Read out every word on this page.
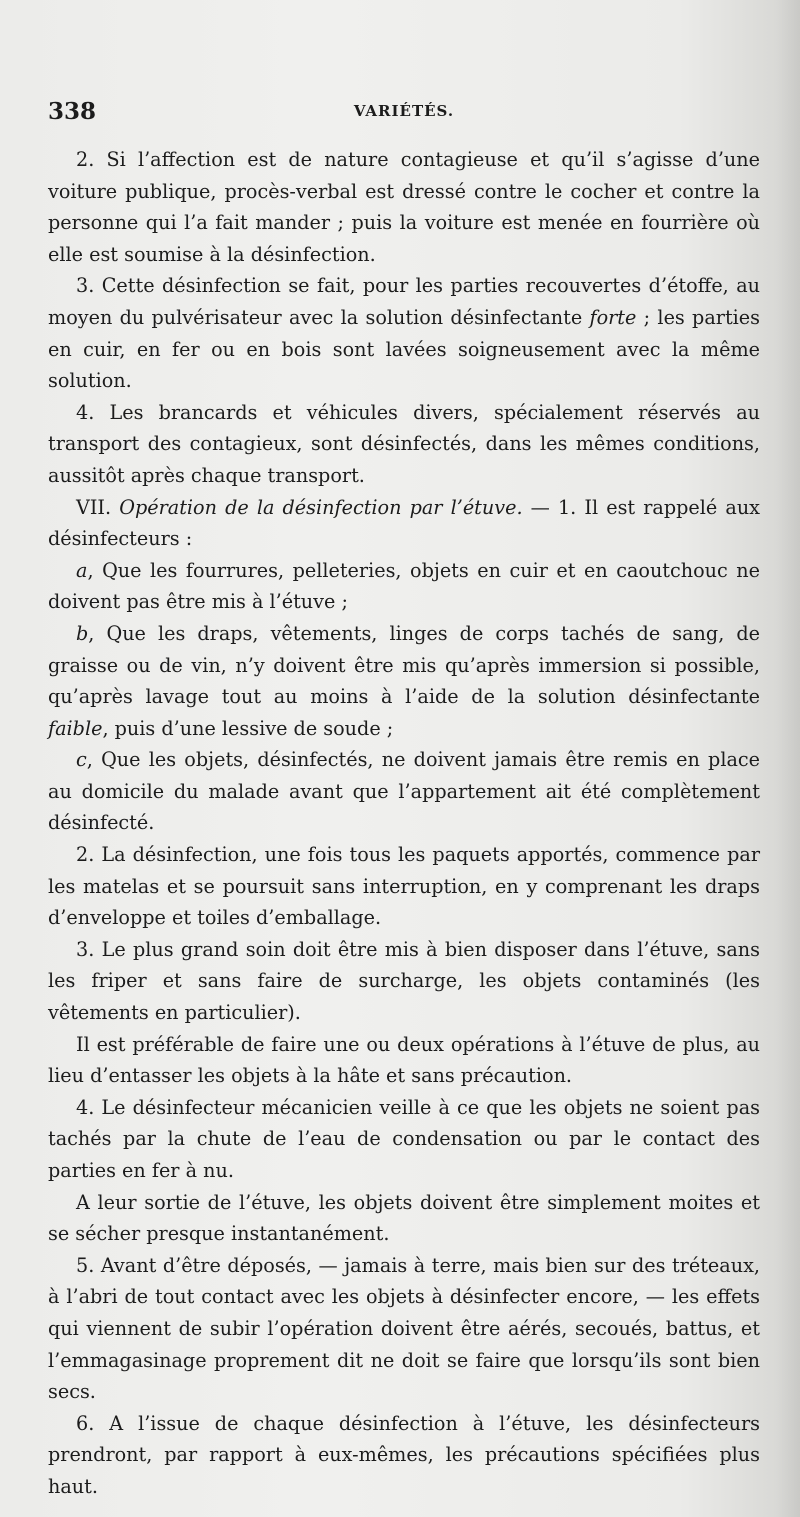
338	VARIÉTÉS.

2. Si l’affection est de nature contagieuse et qu’il s’agisse d’une voiture publique, procès-verbal est dressé contre le cocher et contre la personne qui l’a fait mander ; puis la voiture est menée en fourrière où elle est soumise à la désinfection.

3. Cette désinfection se fait, pour les parties recouvertes d’étoffe, au moyen du pulvérisateur avec la solution désinfectante forte ; les parties en cuir, en fer ou en bois sont lavées soigneusement avec la même solution.

4. Les brancards et véhicules divers, spécialement réservés au transport des contagieux, sont désinfectés, dans les mêmes conditions, aussitôt après chaque transport.

VII. Opération de la désinfection par l’étuve. — 1. Il est rappelé aux désinfecteurs :

a, Que les fourrures, pelleteries, objets en cuir et en caoutchouc ne doivent pas être mis à l’étuve ;

b, Que les draps, vêtements, linges de corps tachés de sang, de graisse ou de vin, n’y doivent être mis qu’après immersion si possible, qu’après lavage tout au moins à l’aide de la solution désinfectante faible, puis d’une lessive de soude ;

c, Que les objets, désinfectés, ne doivent jamais être remis en place au domicile du malade avant que l’appartement ait été complètement désinfecté.

2. La désinfection, une fois tous les paquets apportés, commence par les matelas et se poursuit sans interruption, en y comprenant les draps d’enveloppe et toiles d’emballage.

3. Le plus grand soin doit être mis à bien disposer dans l’étuve, sans les friper et sans faire de surcharge, les objets contaminés (les vêtements en particulier).

Il est préférable de faire une ou deux opérations à l’étuve de plus, au lieu d’entasser les objets à la hâte et sans précaution.

4. Le désinfecteur mécanicien veille à ce que les objets ne soient pas tachés par la chute de l’eau de condensation ou par le contact des parties en fer à nu.

A leur sortie de l’étuve, les objets doivent être simplement moites et se sécher presque instantanément.

5. Avant d’être déposés, — jamais à terre, mais bien sur des tréteaux, à l’abri de tout contact avec les objets à désinfecter encore, — les effets qui viennent de subir l’opération doivent être aérés, secoués, battus, et l’emmagasinage proprement dit ne doit se faire que lorsqu’ils sont bien secs.

6. A l’issue de chaque désinfection à l’étuve, les désinfecteurs prendront, par rapport à eux-mêmes, les précautions spécifiées plus haut.
